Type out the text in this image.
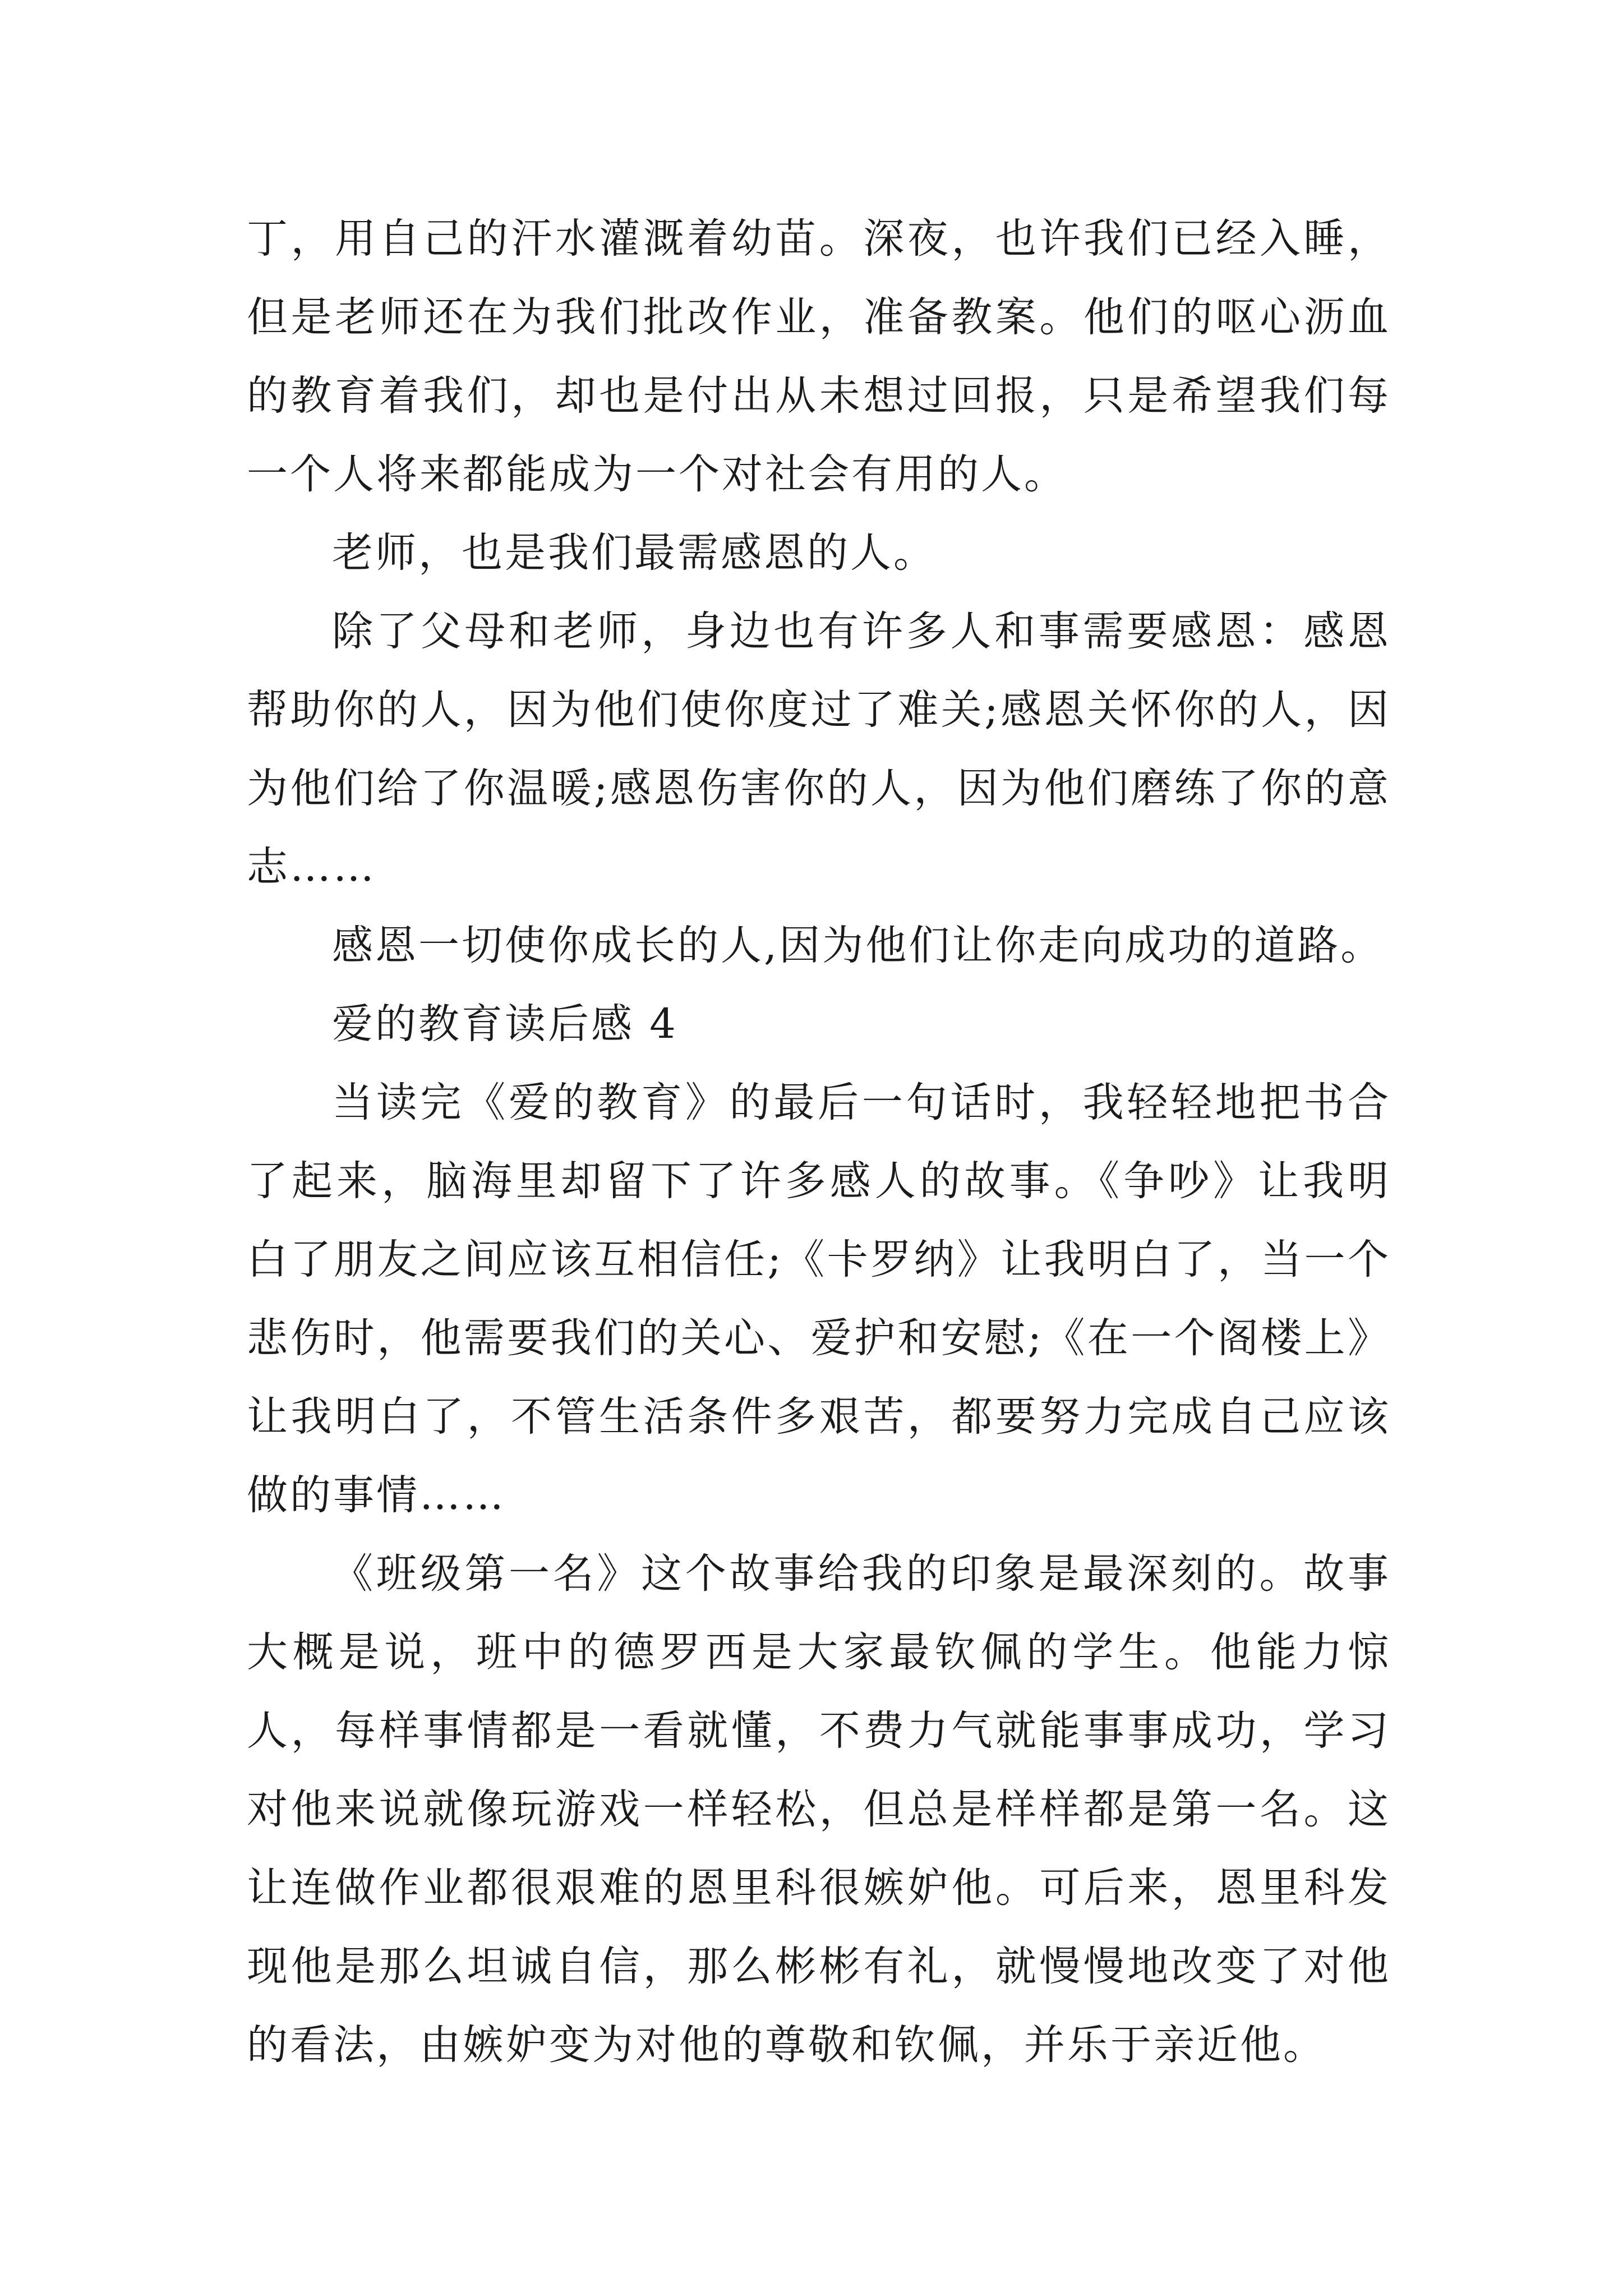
丁，用自己的汗水灌溉着幼苗。深夜，也许我们已经入睡，但是老师还在为我们批改作业，准备教案。他们的呕心沥血的教育着我们，却也是付出从未想过回报，只是希望我们每一个人将来都能成为一个对社会有用的人。

老师，也是我们最需感恩的人。

除了父母和老师，身边也有许多人和事需要感恩：感恩帮助你的人，因为他们使你度过了难关;感恩关怀你的人，因为他们给了你温暖;感恩伤害你的人，因为他们磨练了你的意志……

感恩一切使你成长的人,因为他们让你走向成功的道路。

爱的教育读后感 4

当读完《爱的教育》的最后一句话时，我轻轻地把书合了起来，脑海里却留下了许多感人的故事。《争吵》让我明白了朋友之间应该互相信任;《卡罗纳》让我明白了，当一个悲伤时，他需要我们的关心、爱护和安慰;《在一个阁楼上》让我明白了，不管生活条件多艰苦，都要努力完成自己应该做的事情……

《班级第一名》这个故事给我的印象是最深刻的。故事大概是说，班中的德罗西是大家最钦佩的学生。他能力惊人，每样事情都是一看就懂，不费力气就能事事成功，学习对他来说就像玩游戏一样轻松，但总是样样都是第一名。这让连做作业都很艰难的恩里科很嫉妒他。可后来，恩里科发现他是那么坦诚自信，那么彬彬有礼，就慢慢地改变了对他的看法，由嫉妒变为对他的尊敬和钦佩，并乐于亲近他。
